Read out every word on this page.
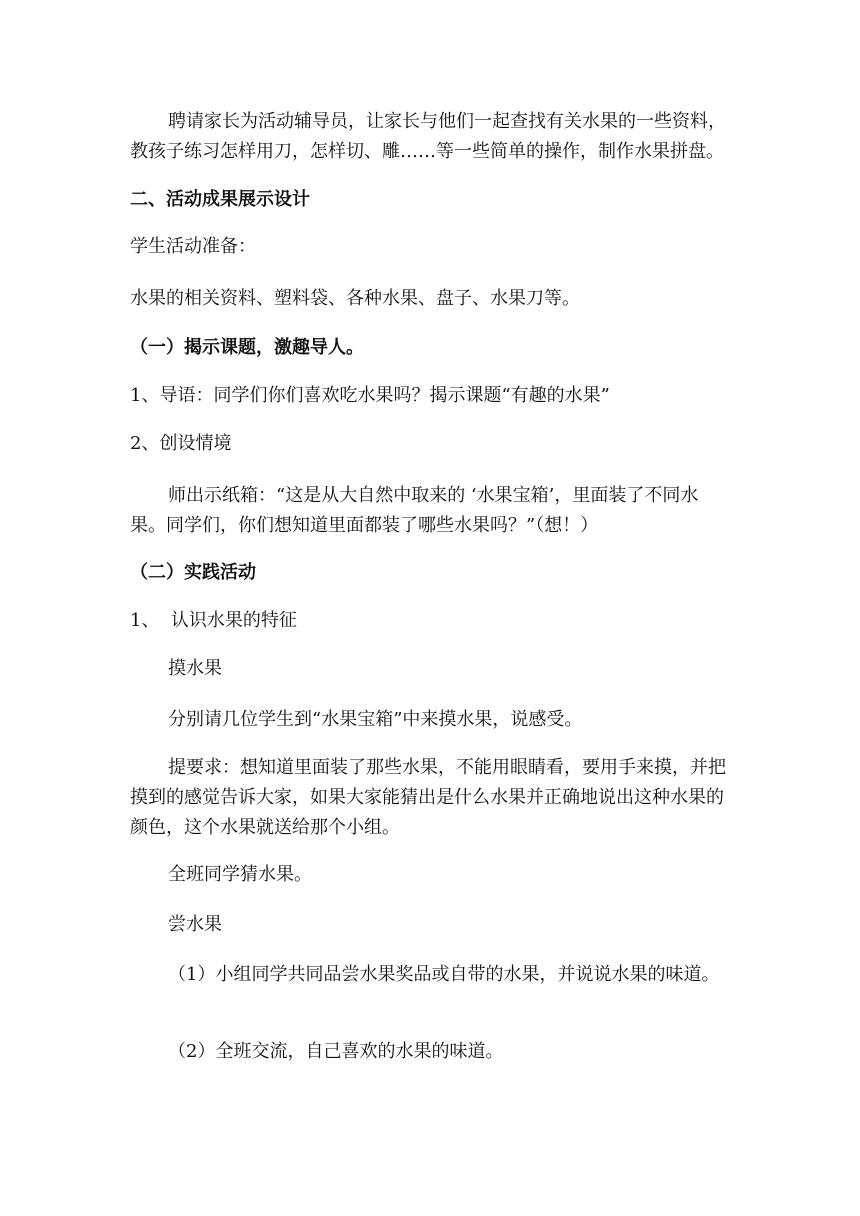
聘请家长为活动辅导员，让家长与他们一起查找有关水果的一些资料，教孩子练习怎样用刀，怎样切、雕……等一些简单的操作，制作水果拼盘。

二、活动成果展示设计

学生活动准备：

水果的相关资料、塑料袋、各种水果、盘子、水果刀等。

（一）揭示课题，激趣导人。

1、导语：同学们你们喜欢吃水果吗？揭示课题“有趣的水果”

2、创设情境

师出示纸箱：“这是从大自然中取来的 ‘水果宝箱’，里面装了不同水果。同学们，你们想知道里面都装了哪些水果吗？”（想！）

（二）实践活动

1、  认识水果的特征

摸水果

分别请几位学生到“水果宝箱”中来摸水果，说感受。

提要求：想知道里面装了那些水果，不能用眼睛看，要用手来摸，并把摸到的感觉告诉大家，如果大家能猜出是什么水果并正确地说出这种水果的颜色，这个水果就送给那个小组。

全班同学猜水果。

尝水果

（1）小组同学共同品尝水果奖品或自带的水果，并说说水果的味道。

（2）全班交流，自己喜欢的水果的味道。
